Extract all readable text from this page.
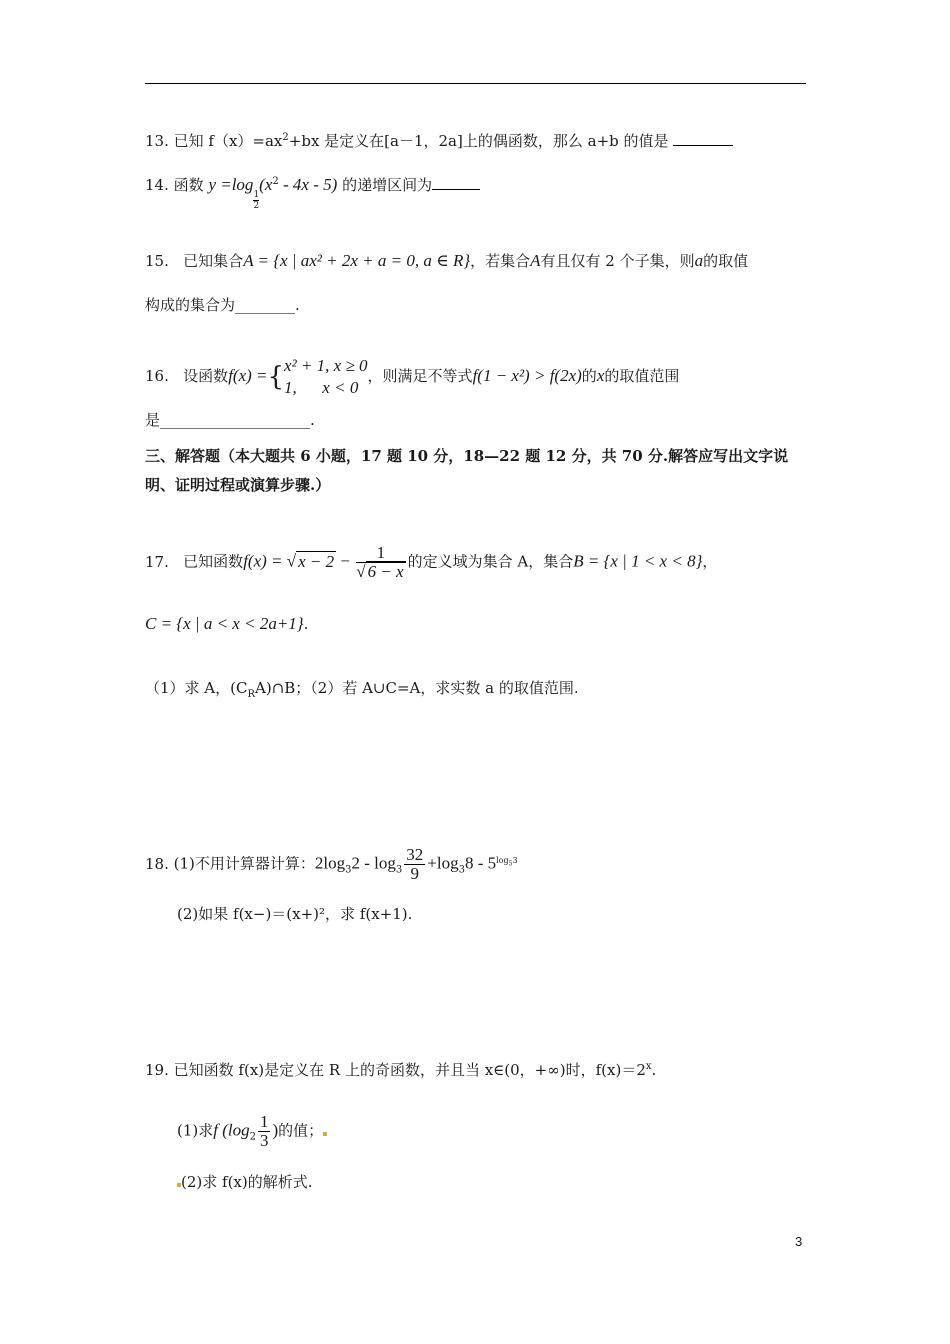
13. 已知 $f(x)=ax^2+bx$ 是定义在[a－1，2a]上的偶函数，那么 a+b 的值是
14. 函数 y =log
$\frac{1}{2}$
$(x^2 - 4x - 5)$ 的递增区间为
15. 已知集合A = {x | ax² + 2x + a = 0, a ∈ R}，若集合A有且仅有 2 个子集，则a的取值
构成的集合为________.
16. 设函数f(x) ={ x² + 1, x ≥ 0
1,      x < 0
，则满足不等式f(1 − x²) > f(2x)的x的取值范围
是____________________.
三、解答题（本大题共 6 小题，17 题 10 分，18—22 题 12 分，共 70 分.解答应写出文字说
明、证明过程或演算步骤.）
17. 已知函数f(x) = √ $x - 2 - \frac{1}{√ 6 - x}$ 的定义域为集合 A，集合B = {x | 1 < x < 8}，
C = {x | a < x < 2a+1}.
（1）求 A，$(C_RA)\cap B$；（2）若 A∪C=A，求实数 a 的取值范围.
18. (1)不用计算器计算：$2\log_32 - \log_3 \frac{32}{9} +\log_38 - 5^{log_53}$
(2)如果 f(x−)＝(x+)²，求 f(x+1).
19. 已知函数 f(x)是定义在 R 上的奇函数，并且当 x∈(0，+∞)时，$f(x)=2^x$.
(1)求f ($\log_2 \frac{1}{3}$ )的值；
(2)求 f(x)的解析式.
3
